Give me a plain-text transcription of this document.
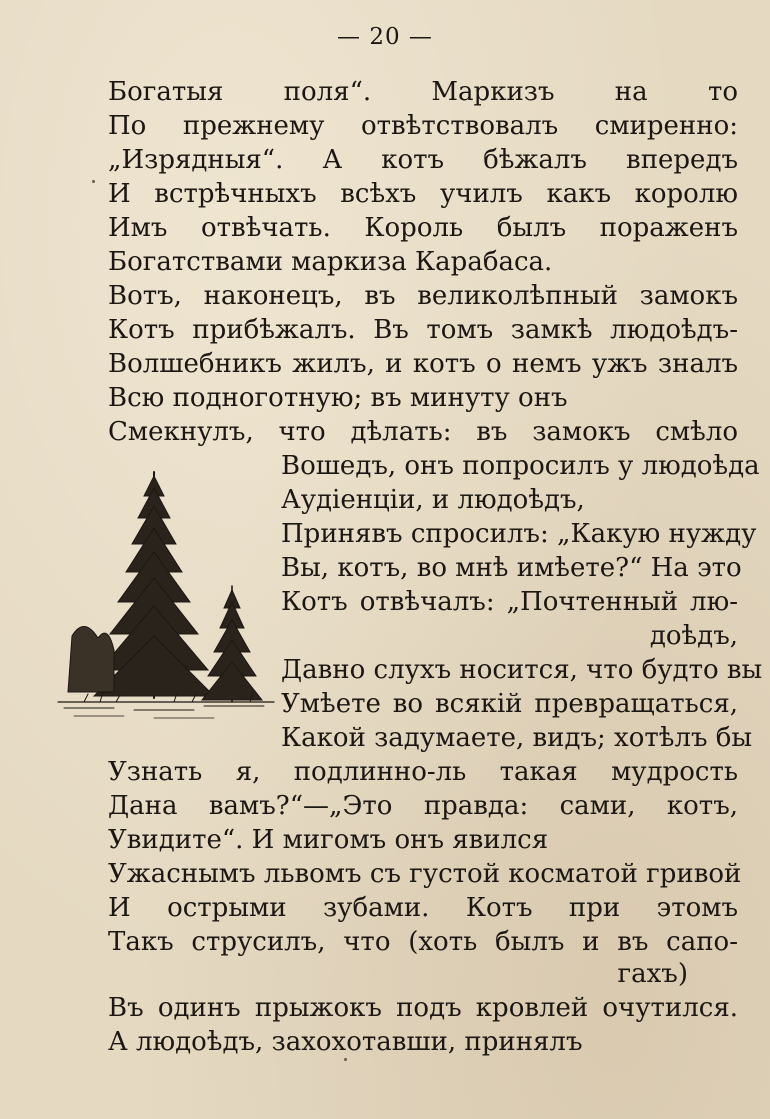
— 20 —
Богатыя поля“. Маркизъ на то
По прежнему отвѣтствовалъ смиренно:
„Изрядныя“. А котъ бѣжалъ впередъ
И встрѣчныхъ всѣхъ училъ какъ королю
Имъ отвѣчать. Король былъ пораженъ
Богатствами маркиза Карабаса.
Вотъ, наконецъ, въ великолѣпный замокъ
Котъ прибѣжалъ. Въ томъ замкѣ людоѣдъ-
Волшебникъ жилъ, и котъ о немъ ужъ зналъ
Всю подноготную; въ минуту онъ
Смекнулъ, что дѣлать: въ зaмокъ смѣло
Вошедъ, онъ попросилъ у людоѣда
Аудiенцiи, и людоѣдъ,
Принявъ спросилъ: „Какую нужду
Вы, котъ, во мнѣ имѣете?“ На это
Котъ отвѣчалъ: „Почтенный лю-
доѣдъ,
Давно слухъ носится, что будто вы
Умѣете во всякiй превращаться,
Какой задумаете, видъ; хотѣлъ бы
Узнать я, подлинно-ль такая мудрость
Дана вамъ?“—„Это правда: сами, котъ,
Увидите“. И мигомъ онъ явился
Ужаснымъ львомъ съ густой косматой гривой
И острыми зубами. Котъ при этомъ
Такъ струсилъ, что (хоть былъ и въ сапо-
гахъ)
Въ одинъ прыжокъ подъ кровлей очутился.
А людоѣдъ, захохотавши, принялъ
